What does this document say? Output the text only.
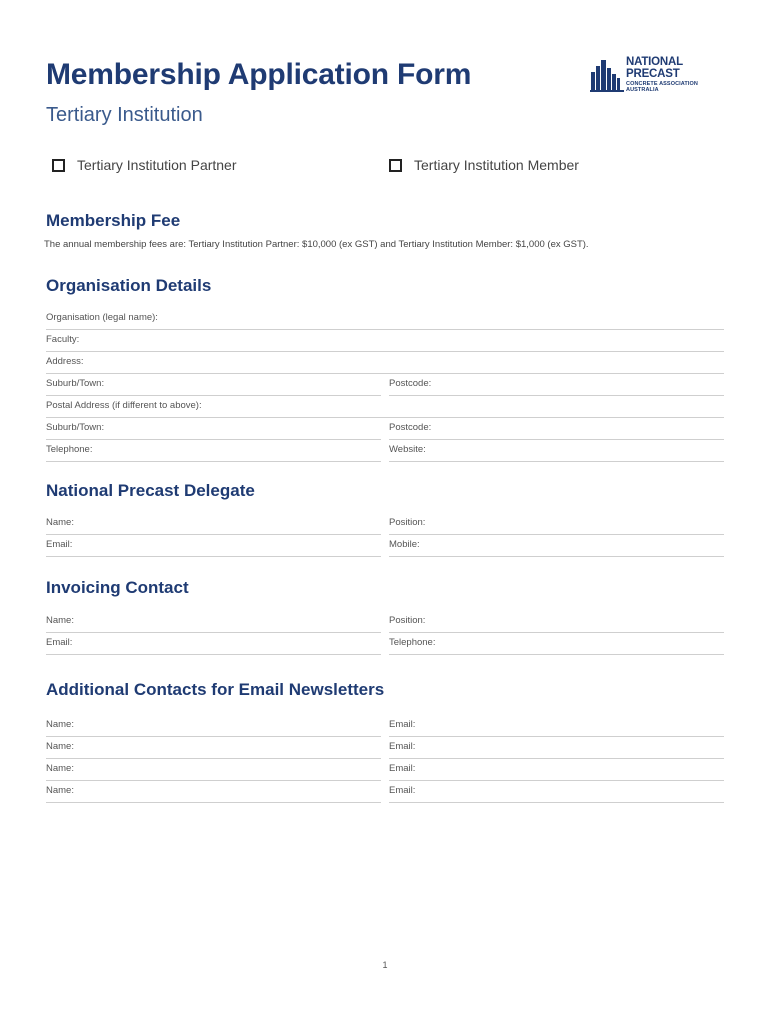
Membership Application Form
Tertiary Institution
NATIONAL PRECAST
CONCRETE ASSOCIATION AUSTRALIA
Tertiary Institution Partner	Tertiary Institution Member
Membership Fee
The annual membership fees are: Tertiary Institution Partner: $10,000 (ex GST) and Tertiary Institution Member: $1,000 (ex GST).
Organisation Details
Organisation (legal name):
Faculty:
Address:
Suburb/Town:	Postcode:
Postal Address (if different to above):
Suburb/Town:	Postcode:
Telephone:	Website:
National Precast Delegate
Name:	Position:
Email:	Mobile:
Invoicing Contact
Name:	Position:
Email:	Telephone:
Additional Contacts for Email Newsletters
Name:	Email:
Name:	Email:
Name:	Email:
Name:	Email:
1
